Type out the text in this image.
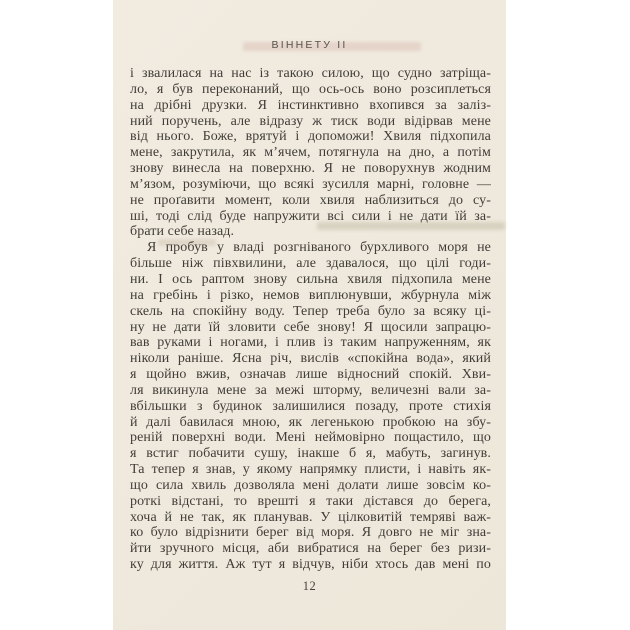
ВІННЕТУ ІІ
і звалилася на нас із такою силою, що судно затріща-
ло, я був переконаний, що ось-ось воно розсиплеться
на дрібні друзки. Я інстинктивно вхопився за заліз-
ний поручень, але відразу ж тиск води відірвав мене
від нього. Боже, врятуй і допоможи! Хвиля підхопила
мене, закрутила, як м’ячем, потягнула на дно, а потім
знову винесла на поверхню. Я не поворухнув жодним
м’язом, розуміючи, що всякі зусилля марні, головне —
не проґавити момент, коли хвиля наблизиться до су-
ші, тоді слід буде напружити всі сили і не дати їй за-
брати себе назад.
Я пробув у владі розгніваного бурхливого моря не
більше ніж півхвилини, але здавалося, що цілі годи-
ни. І ось раптом знову сильна хвиля підхопила мене
на гребінь і різко, немов виплюнувши, жбурнула між
скель на спокійну воду. Тепер треба було за всяку ці-
ну не дати їй зловити себе знову! Я щосили запрацю-
вав руками і ногами, і плив із таким напруженням, як
ніколи раніше. Ясна річ, вислів «спокійна вода», який
я щойно вжив, означав лише відносний спокій. Хви-
ля викинула мене за межі шторму, величезні вали за-
вбільшки з будинок залишилися позаду, проте стихія
й далі бавилася мною, як легенькою пробкою на збу-
реній поверхні води. Мені неймовірно пощастило, що
я встиг побачити сушу, інакше б я, мабуть, загинув.
Та тепер я знав, у якому напрямку плисти, і навіть як-
що сила хвиль дозволяла мені долати лише зовсім ко-
роткі відстані, то врешті я таки дістався до берега,
хоча й не так, як планував. У цілковитій темряві важ-
ко було відрізнити берег від моря. Я довго не міг зна-
йти зручного місця, аби вибратися на берег без ризи-
ку для життя. Аж тут я відчув, ніби хтось дав мені по
12
